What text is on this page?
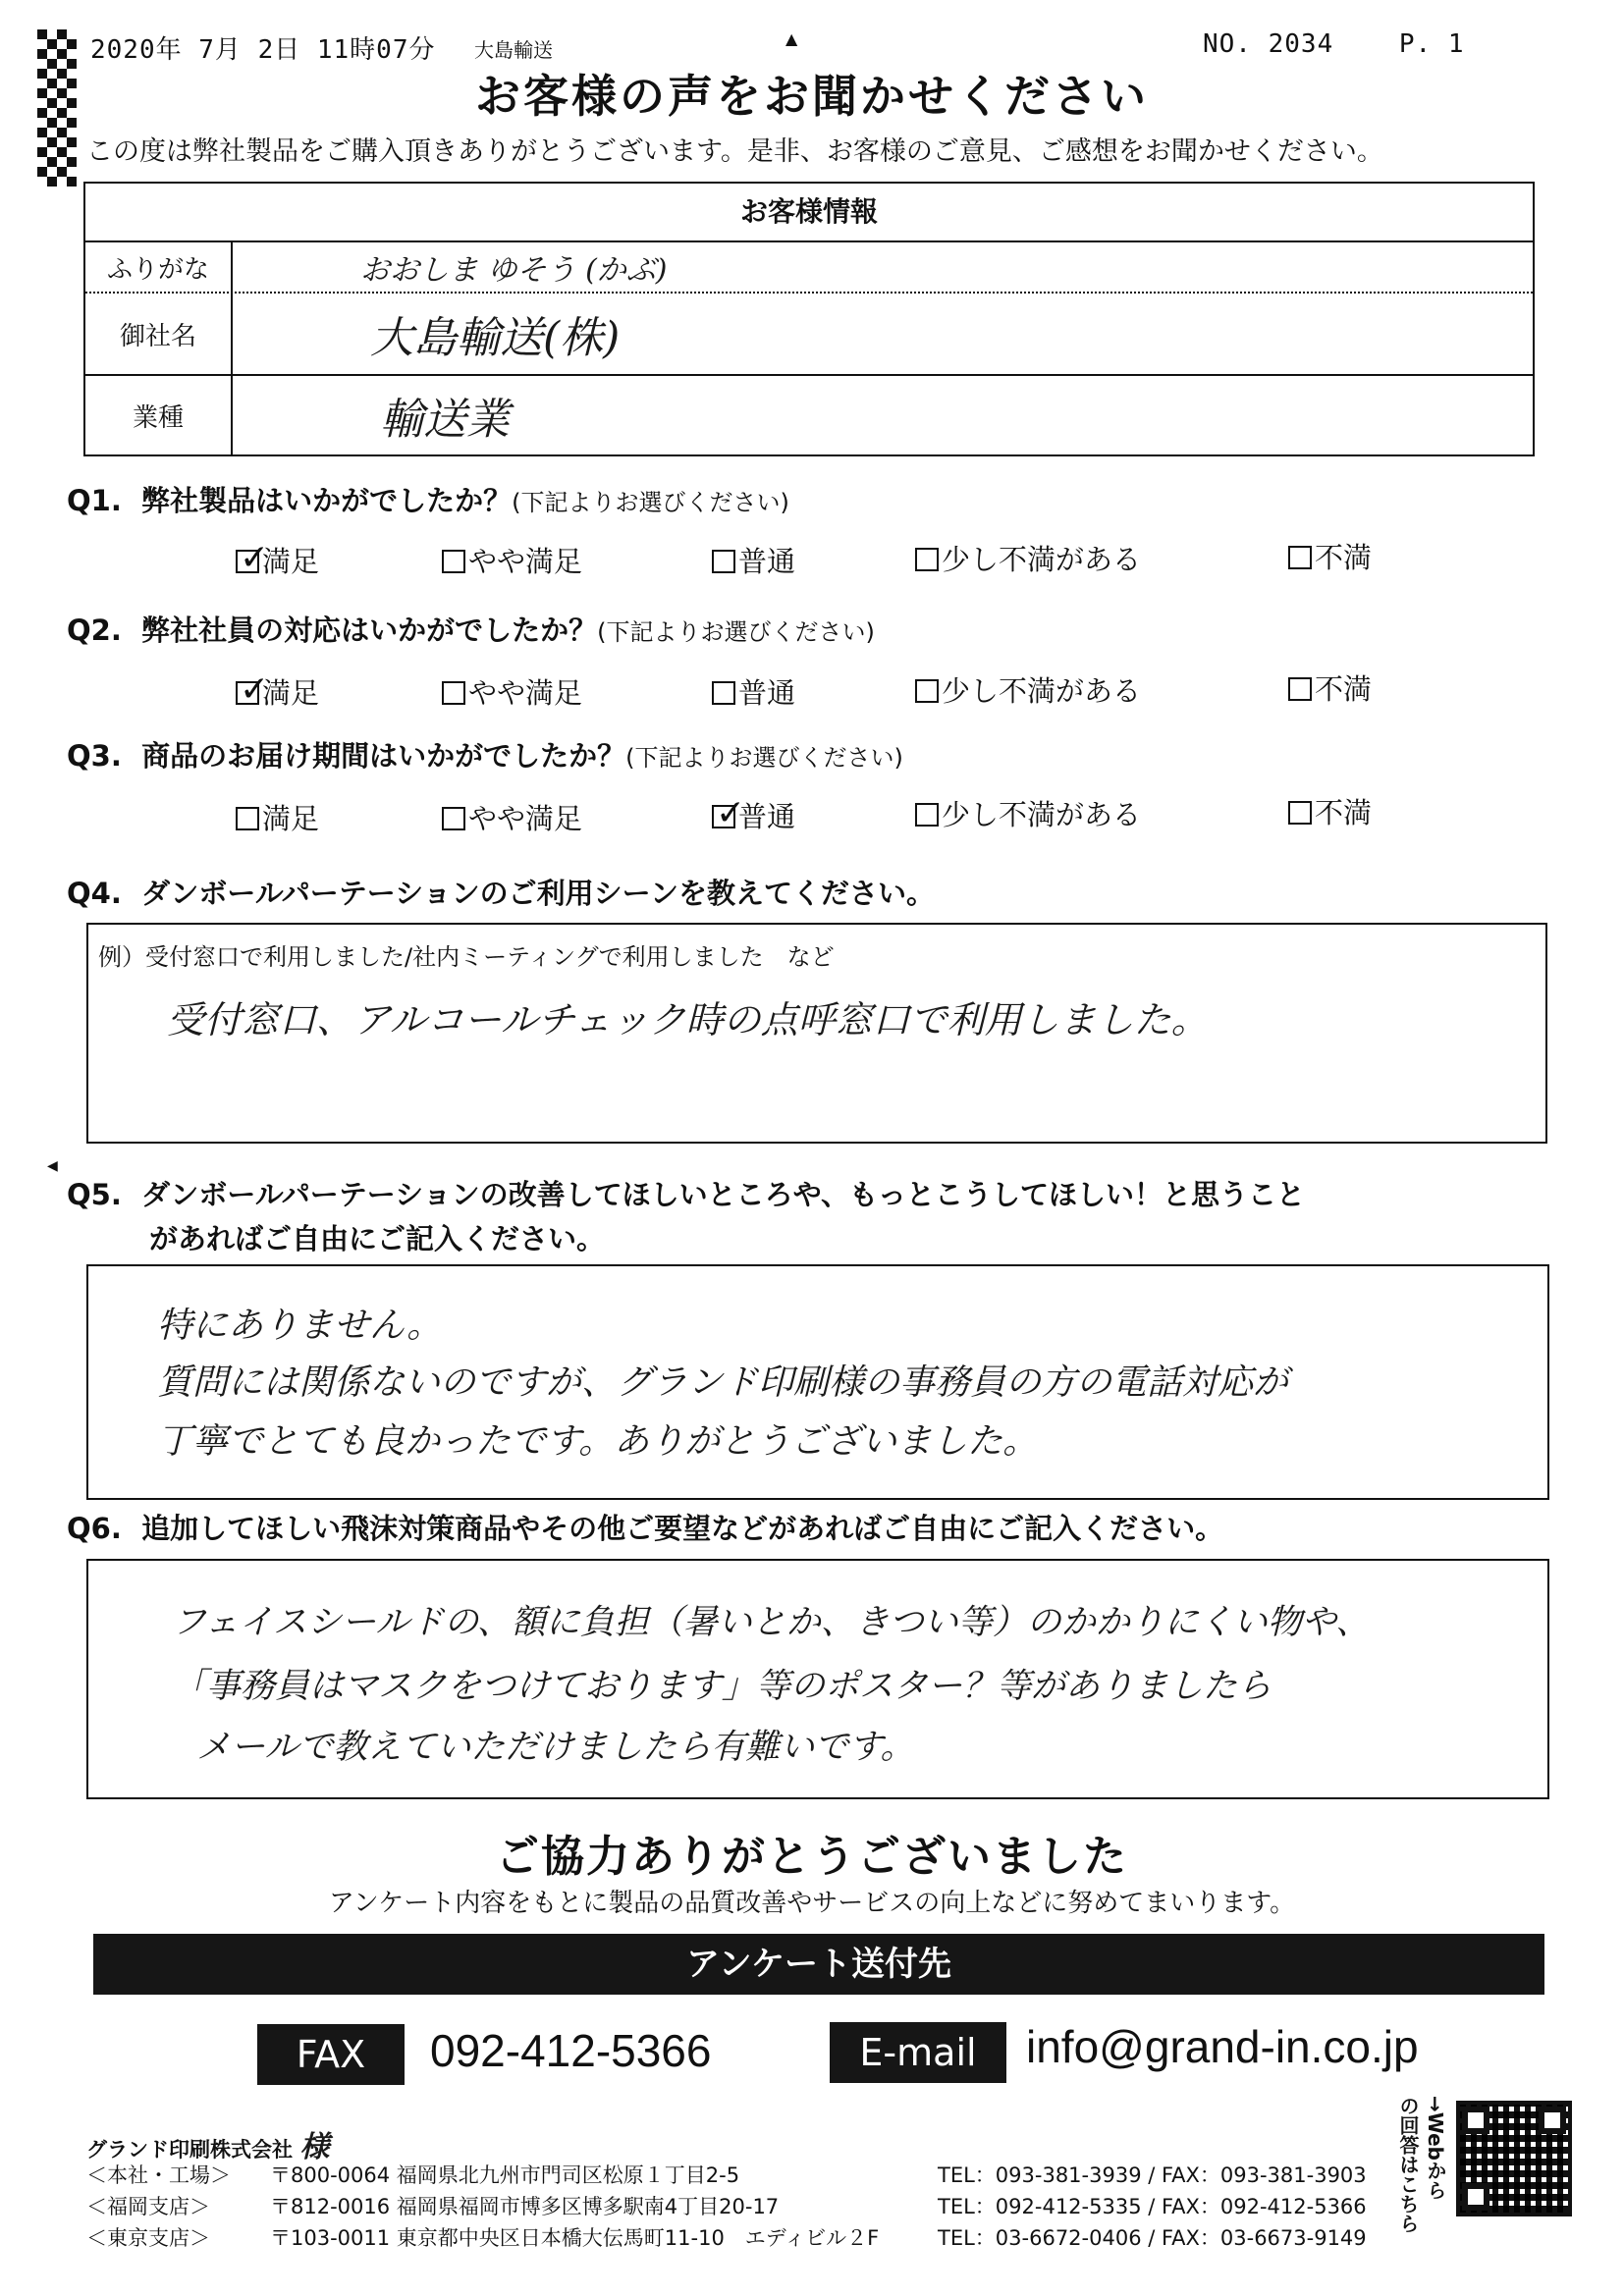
2020年 7月 2日 11時07分 大島輸送	▲	NO. 2034	P. 1
お客様の声をお聞かせください
この度は弊社製品をご購入頂きありがとうございます。是非、お客様のご意見、ご感想をお聞かせください。
お客様情報
ふりがな	おおしま ゆそう (かぶ)
御社名	大島輸送(株)
業種	輸送業
Q1. 弊社製品はいかがでしたか？(下記よりお選びください)
✓
満足	やや満足	普通	少し不満がある	不満
Q2. 弊社社員の対応はいかがでしたか？(下記よりお選びください)
✓
満足	やや満足	普通	少し不満がある	不満
Q3. 商品のお届け期間はいかがでしたか？(下記よりお選びください)
満足	やや満足	✓
普通	少し不満がある	不満
Q4. ダンボールパーテーションのご利用シーンを教えてください。
例）受付窓口で利用しました/社内ミーティングで利用しました　など
受付窓口、アルコールチェック時の点呼窓口で利用しました。
◀
Q5. ダンボールパーテーションの改善してほしいところや、もっとこうしてほしい！と思うこと
があればご自由にご記入ください。
特にありません。
質問には関係ないのですが、グランド印刷様の事務員の方の電話対応が
丁寧でとても良かったです。ありがとうございました。
Q6. 追加してほしい飛沫対策商品やその他ご要望などがあればご自由にご記入ください。
フェイスシールドの、額に負担（暑いとか、きつい等）のかかりにくい物や、
「事務員はマスクをつけております」等のポスター？等がありましたら
メールで教えていただけましたら有難いです。
ご協力ありがとうございました
アンケート内容をもとに製品の品質改善やサービスの向上などに努めてまいります。
アンケート送付先
FAX	092-412-5366	E-mail	info@grand-in.co.jp
グランド印刷株式会社 様
＜本社・工場＞ 〒800-0064 福岡県北九州市門司区松原１丁目2-5	TEL：093-381-3939 / FAX：093-381-3903
＜福岡支店＞	〒812-0016 福岡県福岡市博多区博多駅南4丁目20-17	TEL：092-412-5335 / FAX：092-412-5366
＜東京支店＞	〒103-0011 東京都中央区日本橋大伝馬町11-10　エディビル２F	TEL：03-6672-0406 / FAX：03-6673-9149
→Webから
の回答はこちら
